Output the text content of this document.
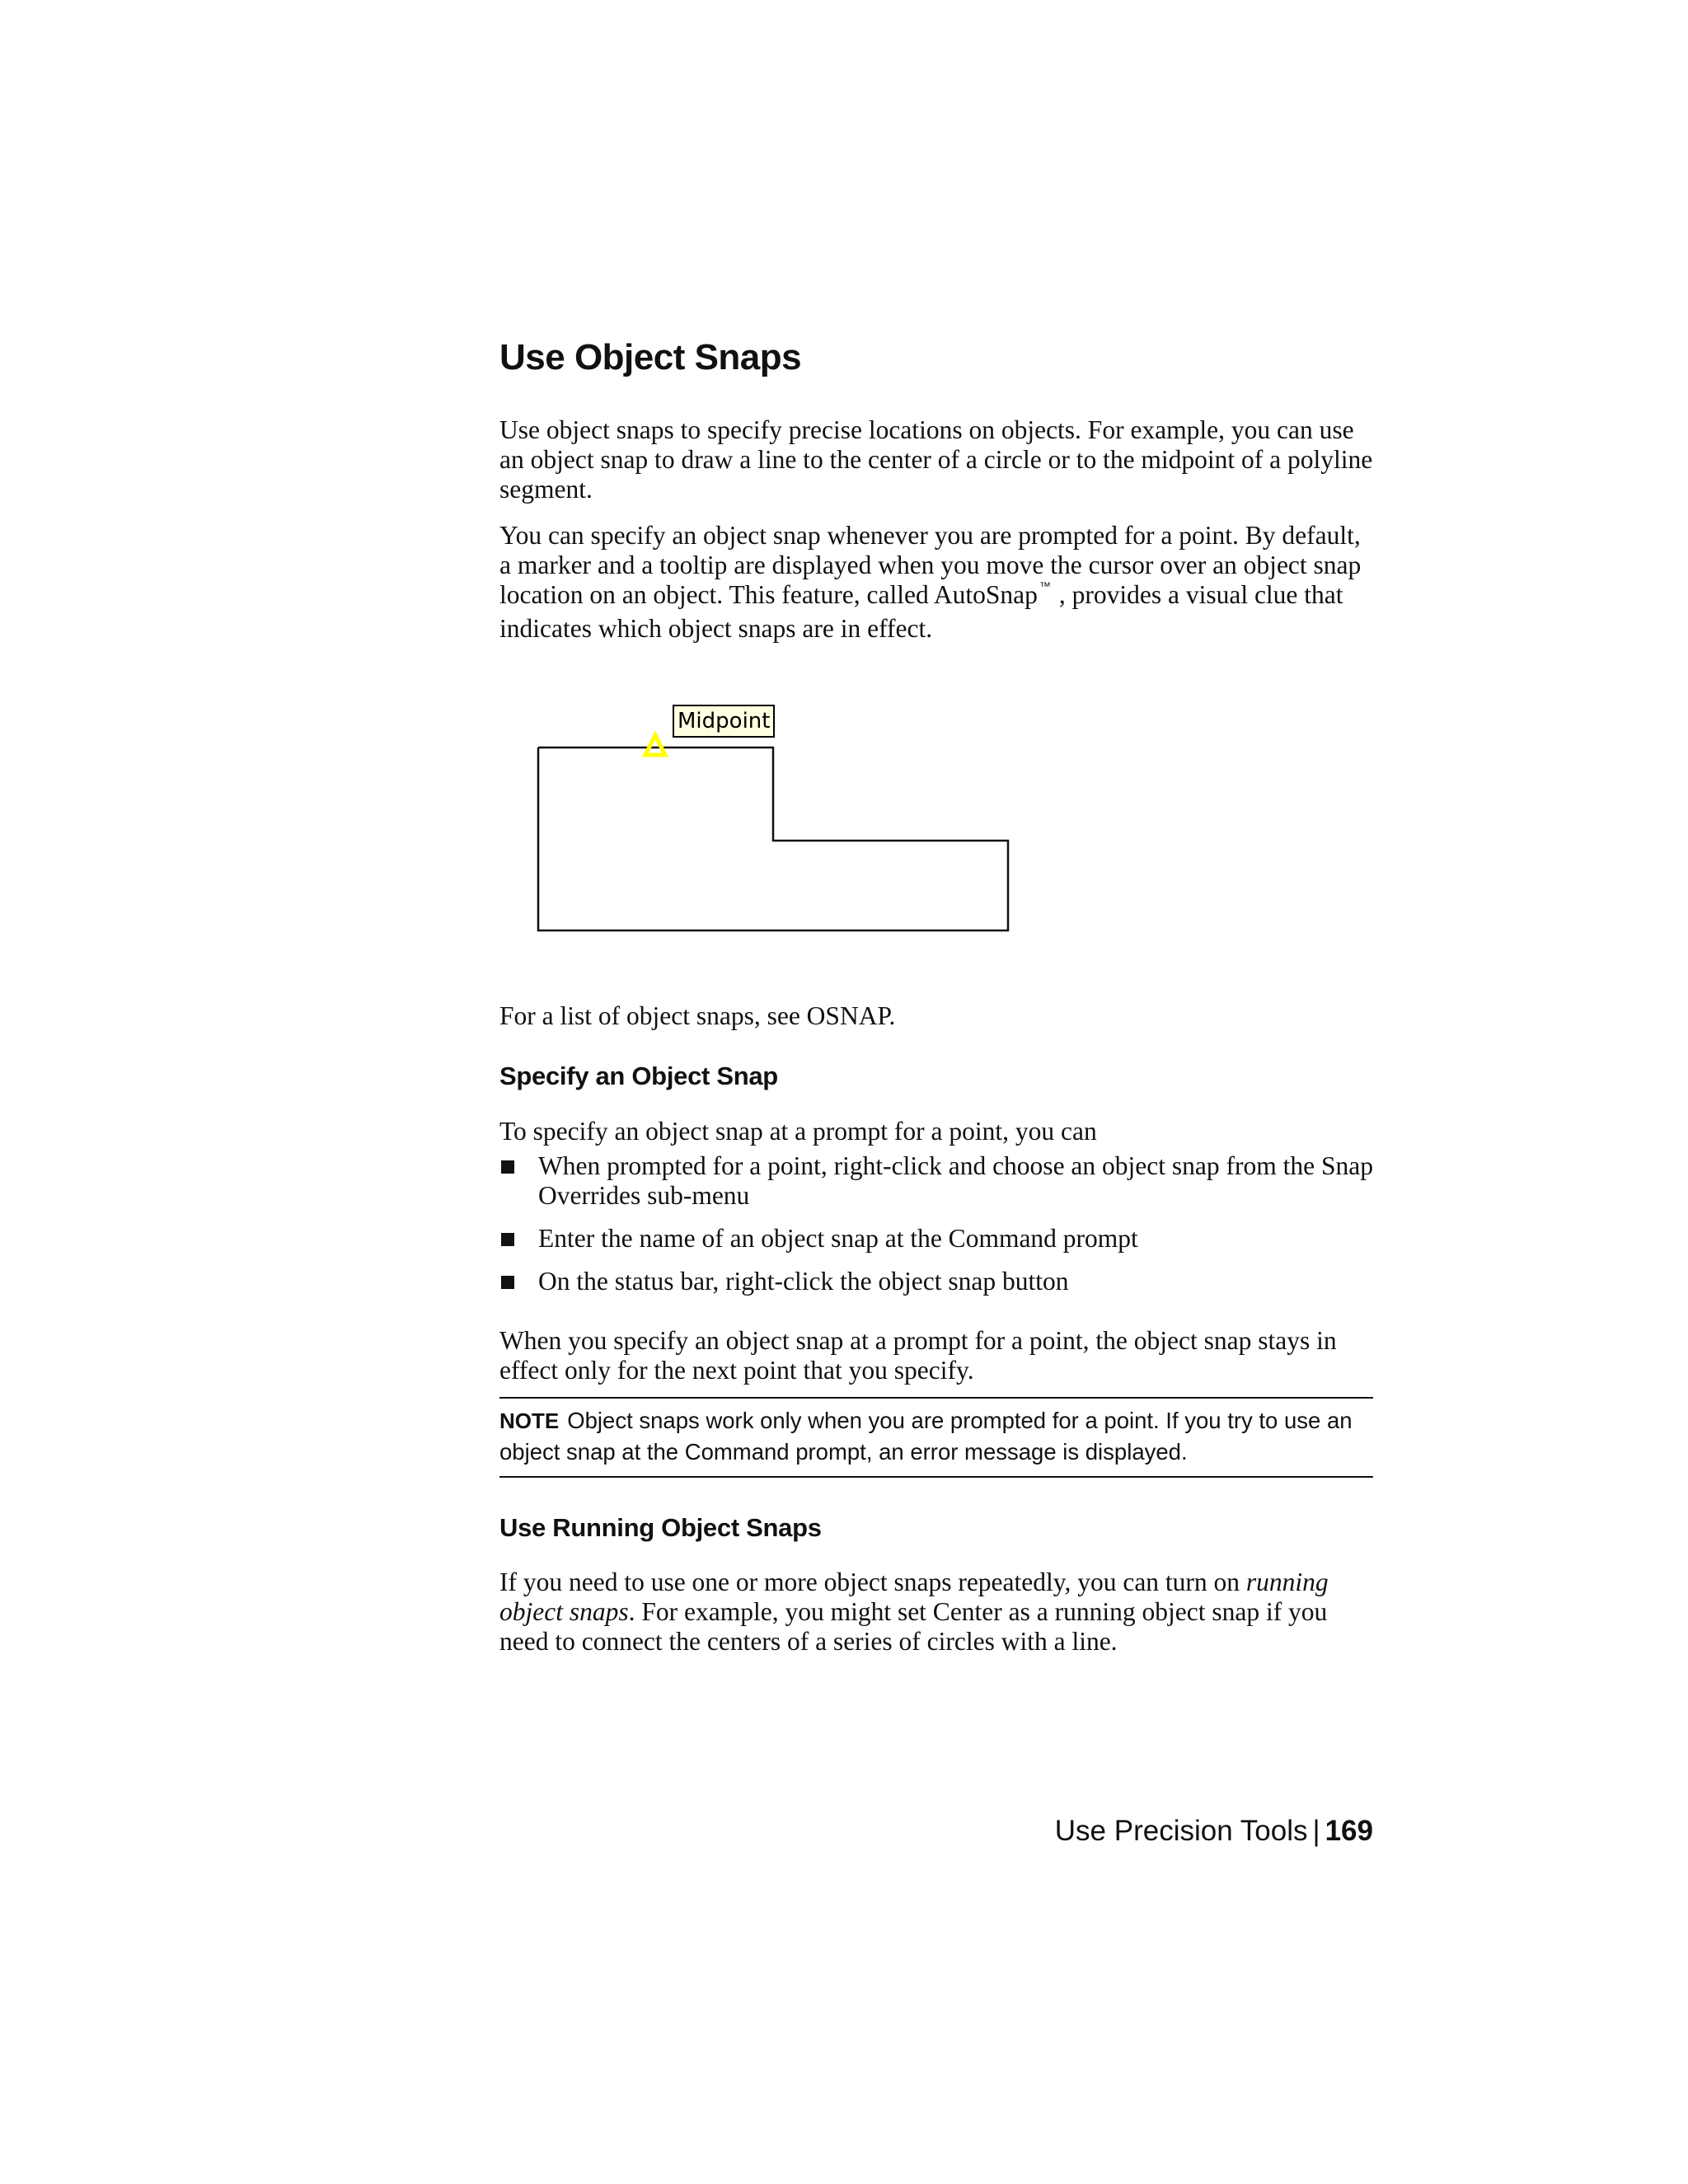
Use Object Snaps

Use object snaps to specify precise locations on objects. For example, you can use an object snap to draw a line to the center of a circle or to the midpoint of a polyline segment.

You can specify an object snap whenever you are prompted for a point. By default, a marker and a tooltip are displayed when you move the cursor over an object snap location on an object. This feature, called AutoSnap ™ , provides a visual clue that indicates which object snaps are in effect.

Midpoint

For a list of object snaps, see OSNAP.

Specify an Object Snap

To specify an object snap at a prompt for a point, you can

When prompted for a point, right-click and choose an object snap from the Snap Overrides sub-menu
Enter the name of an object snap at the Command prompt
On the status bar, right-click the object snap button

When you specify an object snap at a prompt for a point, the object snap stays in effect only for the next point that you specify.

NOTE Object snaps work only when you are prompted for a point. If you try to use an object snap at the Command prompt, an error message is displayed.
Use Running Object Snaps

If you need to use one or more object snaps repeatedly, you can turn on running object snaps. For example, you might set Center as a running object snap if you need to connect the centers of a series of circles with a line.

Use Precision Tools | 169
